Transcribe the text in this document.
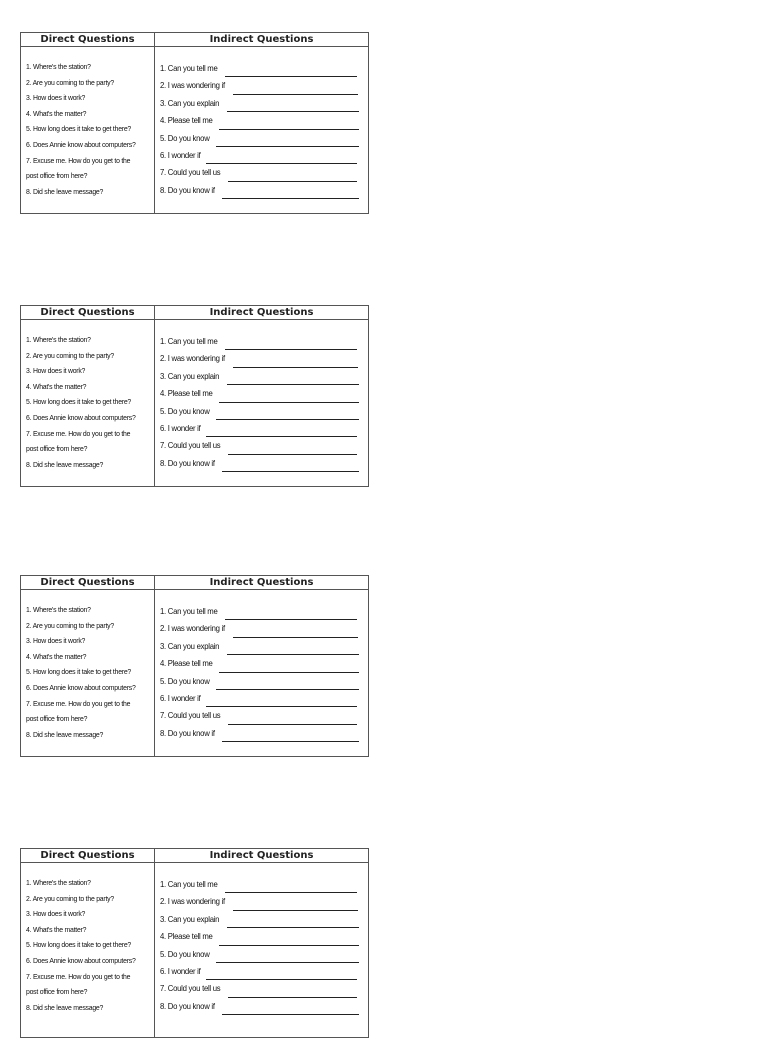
Direct Questions	Indirect Questions
1. Where's the station?
2. Are you coming to the party?
3. How does it work?
4. What's the matter?
5. How long does it take to get there?
6. Does Annie know about computers?
7. Excuse me. How do you get to the
post office from here?
8. Did she leave message?
1. Can you tell me
2. I was wondering if
3. Can you explain
4. Please tell me
5. Do you know
6. I wonder if
7. Could you tell us
8. Do you know if
Direct Questions	Indirect Questions
1. Where's the station?
2. Are you coming to the party?
3. How does it work?
4. What's the matter?
5. How long does it take to get there?
6. Does Annie know about computers?
7. Excuse me. How do you get to the
post office from here?
8. Did she leave message?
1. Can you tell me
2. I was wondering if
3. Can you explain
4. Please tell me
5. Do you know
6. I wonder if
7. Could you tell us
8. Do you know if
Direct Questions	Indirect Questions
1. Where's the station?
2. Are you coming to the party?
3. How does it work?
4. What's the matter?
5. How long does it take to get there?
6. Does Annie know about computers?
7. Excuse me. How do you get to the
post office from here?
8. Did she leave message?
1. Can you tell me
2. I was wondering if
3. Can you explain
4. Please tell me
5. Do you know
6. I wonder if
7. Could you tell us
8. Do you know if
Direct Questions	Indirect Questions
1. Where's the station?
2. Are you coming to the party?
3. How does it work?
4. What's the matter?
5. How long does it take to get there?
6. Does Annie know about computers?
7. Excuse me. How do you get to the
post office from here?
8. Did she leave message?
1. Can you tell me
2. I was wondering if
3. Can you explain
4. Please tell me
5. Do you know
6. I wonder if
7. Could you tell us
8. Do you know if
